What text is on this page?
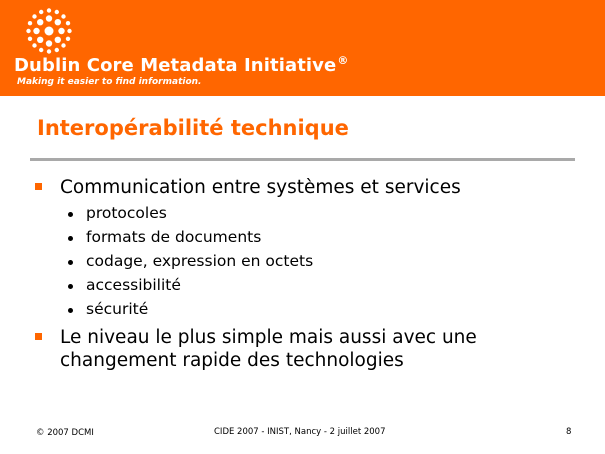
Dublin Core Metadata Initiative®
Making it easier to find information.
Interopérabilité technique
Communication entre systèmes et services
protocoles
formats de documents
codage, expression en octets
accessibilité
sécurité
Le niveau le plus simple mais aussi avec une changement rapide des technologies
© 2007 DCMI	CIDE 2007 - INIST, Nancy - 2 juillet 2007	8
